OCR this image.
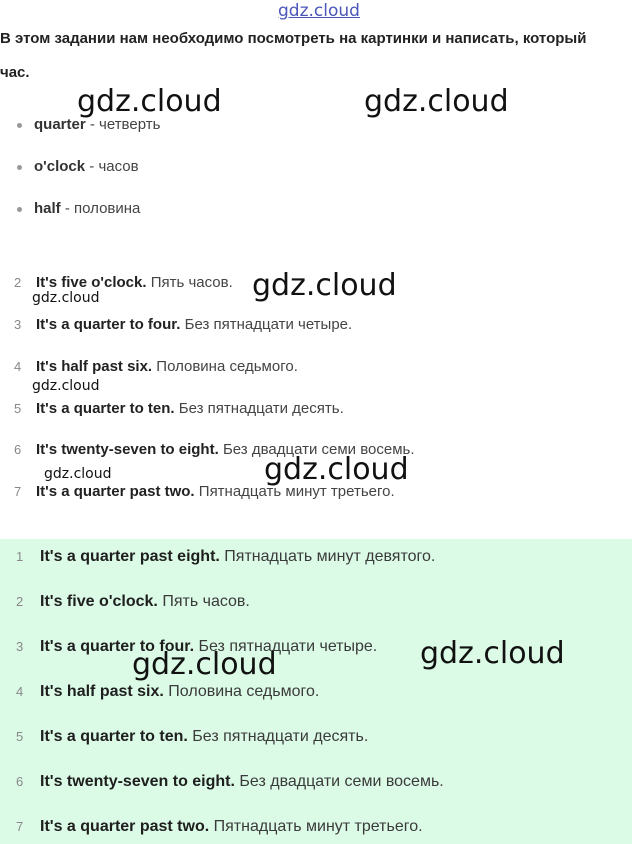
gdz.cloud
В этом задании нам необходимо посмотреть на картинки и написать, который час.
gdz.cloud	gdz.cloud
quarter - четверть
o'clock - часов
half - половина
2 It's five o'clock. Пять часов.
3 It's a quarter to four. Без пятнадцати четыре.
4 It's half past six. Половина седьмого.
5 It's a quarter to ten. Без пятнадцати десять.
6 It's twenty-seven to eight. Без двадцати семи восемь.
7 It's a quarter past two. Пятнадцать минут третьего.
gdz.cloud
gdz.cloud
gdz.cloud
gdz.cloud
gdz.cloud
1 It's a quarter past eight. Пятнадцать минут девятого.
2 It's five o'clock. Пять часов.
3 It's a quarter to four. Без пятнадцати четыре.
4 It's half past six. Половина седьмого.
5 It's a quarter to ten. Без пятнадцати десять.
6 It's twenty-seven to eight. Без двадцати семи восемь.
7 It's a quarter past two. Пятнадцать минут третьего.
gdz.cloud
gdz.cloud
